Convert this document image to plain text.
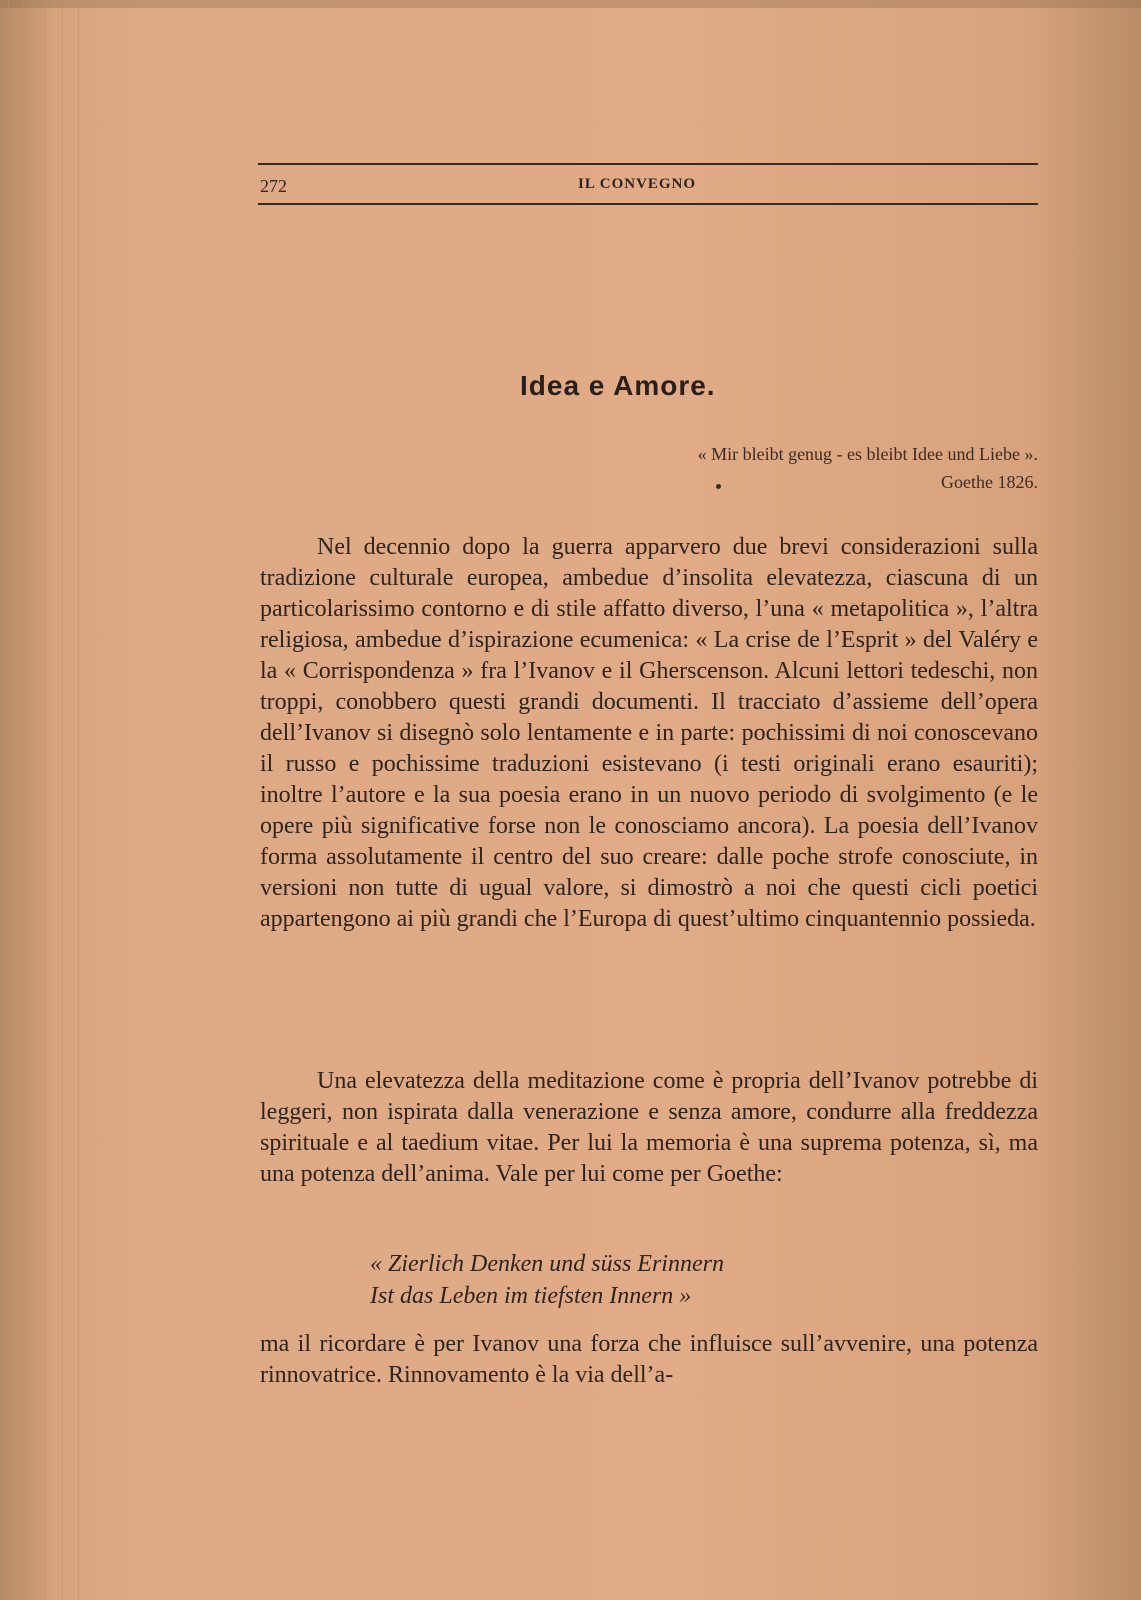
272	IL CONVEGNO
Idea e Amore.
« Mir bleibt genug - es bleibt Idee und Liebe ».
Goethe 1826.

Nel decennio dopo la guerra apparvero due brevi considerazioni sulla tradizione culturale europea, ambedue d’insolita elevatezza, ciascuna di un particolarissimo contorno e di stile affatto diverso, l’una « metapolitica », l’altra religiosa, ambedue d’ispirazione ecumenica: « La crise de l’Esprit » del Valéry e la « Corrispondenza » fra l’Ivanov e il Gherscenson. Alcuni lettori tedeschi, non troppi, conobbero questi grandi documenti. Il tracciato d’assieme dell’opera dell’Ivanov si disegnò solo lentamente e in parte: pochissimi di noi conoscevano il russo e pochissime traduzioni esistevano (i testi originali erano esauriti); inoltre l’autore e la sua poesia erano in un nuovo periodo di svolgimento (e le opere più significative forse non le conosciamo ancora). La poesia dell’Ivanov forma assolutamente il centro del suo creare: dalle poche strofe conosciute, in versioni non tutte di ugual valore, si dimostrò a noi che questi cicli poetici appartengono ai più grandi che l’Europa di quest’ultimo cinquantennio possieda.

Una elevatezza della meditazione come è propria dell’Ivanov potrebbe di leggeri, non ispirata dalla venerazione e senza amore, condurre alla freddezza spirituale e al taedium vitae. Per lui la memoria è una suprema potenza, sì, ma una potenza dell’anima. Vale per lui come per Goethe:

« Zierlich Denken und süss Erinnern
Ist das Leben im tiefsten Innern »

ma il ricordare è per Ivanov una forza che influisce sull’avvenire, una potenza rinnovatrice. Rinnovamento è la via dell’a-
